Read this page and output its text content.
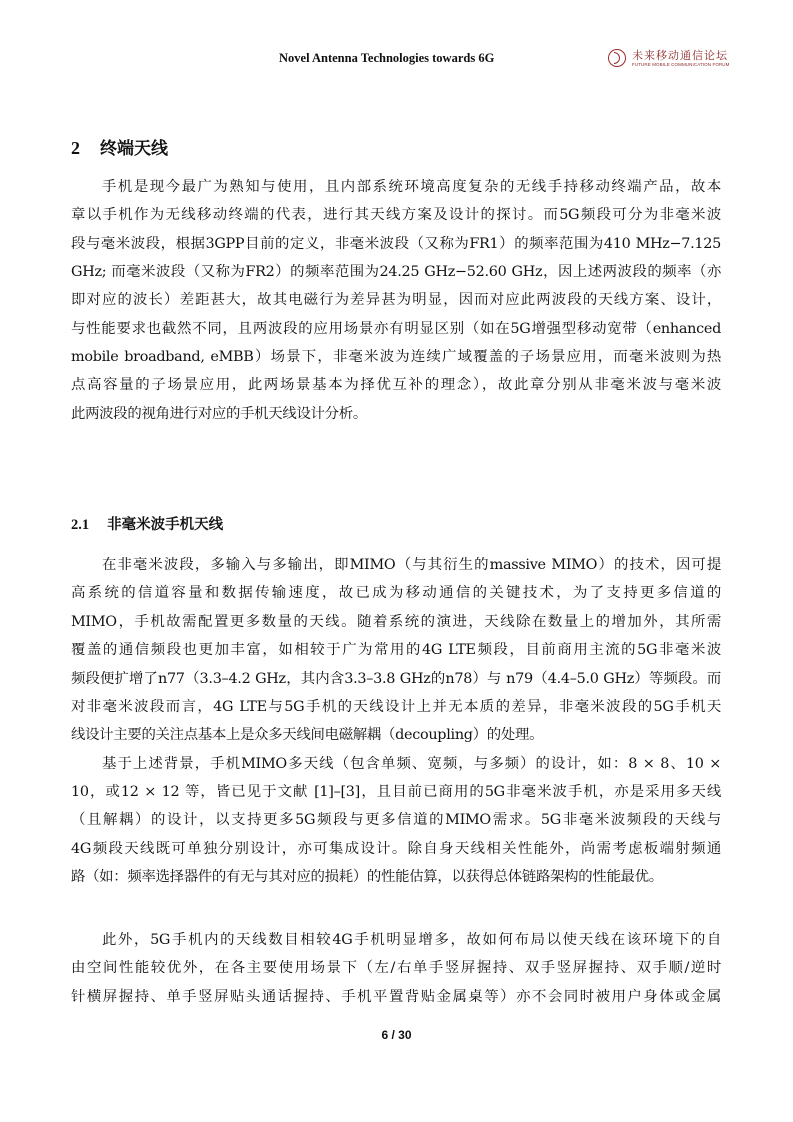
Novel Antenna Technologies towards 6G	未来移动通信论坛
FUTURE MOBILE COMMUNICATION FORUM
2 终端天线
手机是现今最广为熟知与使用，且内部系统环境高度复杂的无线手持移动终端产品，故本
章以手机作为无线移动终端的代表，进行其天线方案及设计的探讨。而5G频段可分为非毫米波
段与毫米波段，根据3GPP目前的定义，非毫米波段（又称为FR1）的频率范围为410 MHz−7.125
GHz; 而毫米波段（又称为FR2）的频率范围为24.25 GHz−52.60 GHz，因上述两波段的频率（亦
即对应的波长）差距甚大，故其电磁行为差异甚为明显，因而对应此两波段的天线方案、设计，
与性能要求也截然不同，且两波段的应用场景亦有明显区别（如在5G增强型移动宽带（enhanced
mobile broadband, eMBB）场景下，非毫米波为连续广域覆盖的子场景应用，而毫米波则为热
点高容量的子场景应用，此两场景基本为择优互补的理念），故此章分别从非毫米波与毫米波
此两波段的视角进行对应的手机天线设计分析。
2.1 非毫米波手机天线
在非毫米波段，多输入与多输出，即MIMO（与其衍生的massive MIMO）的技术，因可提
高系统的信道容量和数据传输速度，故已成为移动通信的关键技术，为了支持更多信道的
MIMO，手机故需配置更多数量的天线。随着系统的演进，天线除在数量上的增加外，其所需
覆盖的通信频段也更加丰富，如相较于广为常用的4G LTE频段，目前商用主流的5G非毫米波
频段便扩增了n77（3.3–4.2 GHz，其内含3.3–3.8 GHz的n78）与 n79（4.4–5.0 GHz）等频段。而
对非毫米波段而言，4G LTE与5G手机的天线设计上并无本质的差异，非毫米波段的5G手机天
线设计主要的关注点基本上是众多天线间电磁解耦（decoupling）的处理。
基于上述背景，手机MIMO多天线（包含单频、宽频，与多频）的设计，如：8 × 8、10 ×
10，或12 × 12 等，皆已见于文献 [1]–[3]，且目前已商用的5G非毫米波手机，亦是采用多天线
（且解耦）的设计，以支持更多5G频段与更多信道的MIMO需求。5G非毫米波频段的天线与
4G频段天线既可单独分别设计，亦可集成设计。除自身天线相关性能外，尚需考虑板端射频通
路（如：频率选择器件的有无与其对应的损耗）的性能估算，以获得总体链路架构的性能最优。
此外，5G手机内的天线数目相较4G手机明显增多，故如何布局以使天线在该环境下的自
由空间性能较优外，在各主要使用场景下（左/右单手竖屏握持、双手竖屏握持、双手顺/逆时
针横屏握持、单手竖屏贴头通话握持、手机平置背贴金属桌等）亦不会同时被用户身体或金属
6 / 30
